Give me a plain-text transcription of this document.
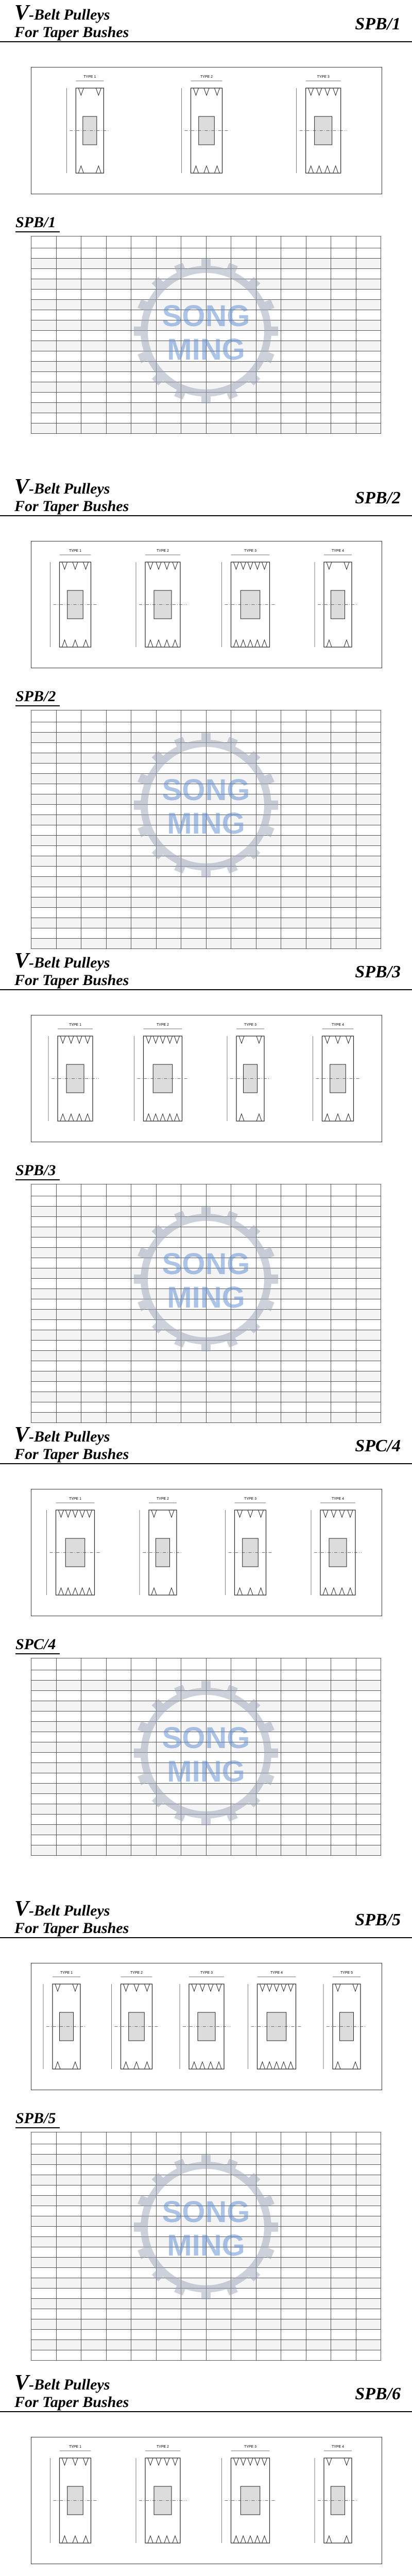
V-Belt Pulleys
For Taper Bushes	SPB/1
TYPE 1	TYPE 2	TYPE 3
SPB/1

SONG
MING
V-Belt Pulleys
For Taper Bushes	SPB/2
TYPE 1	TYPE 2	TYPE 3	TYPE 4
SPB/2

SONG
MING
V-Belt Pulleys
For Taper Bushes	SPB/3
TYPE 1	TYPE 2	TYPE 3	TYPE 4
SPB/3

SONG
MING
V-Belt Pulleys
For Taper Bushes	SPC/4
TYPE 1	TYPE 2	TYPE 3	TYPE 4
SPC/4

SONG
MING
V-Belt Pulleys
For Taper Bushes	SPB/5
TYPE 1	TYPE 2	TYPE 3	TYPE 4	TYPE 5
SPB/5

SONG
MING
V-Belt Pulleys
For Taper Bushes	SPB/6
TYPE 1	TYPE 2	TYPE 3	TYPE 4
